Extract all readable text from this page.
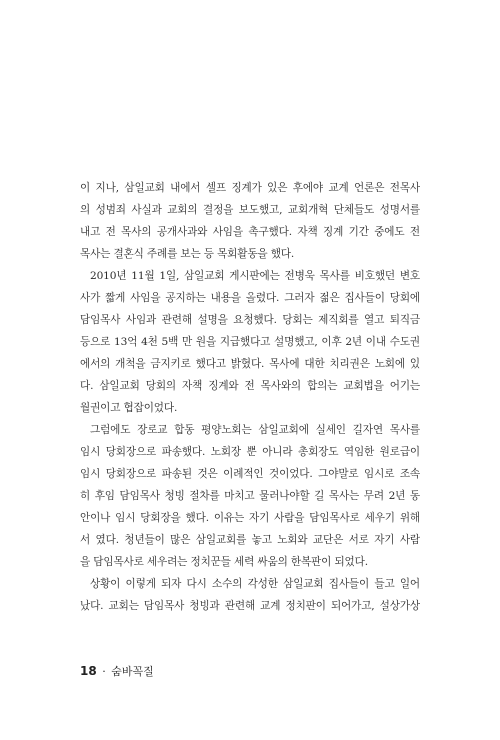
이 지나, 삼일교회 내에서 셀프 징계가 있은 후에야 교계 언론은 전목사
의 성범죄 사실과 교회의 결정을 보도했고, 교회개혁 단체들도 성명서를
내고 전 목사의 공개사과와 사임을 촉구했다. 자책 징계 기간 중에도 전
목사는 결혼식 주례를 보는 등 목회활동을 했다.
2010년 11월 1일, 삼일교회 게시판에는 전병욱 목사를 비호했던 변호
사가 짧게 사임을 공지하는 내용을 올렸다. 그러자 젊은 집사들이 당회에
담임목사 사임과 관련해 설명을 요청했다. 당회는 제직회를 열고 퇴직금
등으로 13억 4천 5백 만 원을 지급했다고 설명했고, 이후 2년 이내 수도권
에서의 개척을 금지키로 했다고 밝혔다. 목사에 대한 치리권은 노회에 있
다. 삼일교회 당회의 자책 징계와 전 목사와의 합의는 교회법을 어기는
월권이고 협잡이었다.
그럼에도 장로교 합동 평양노회는 삼일교회에 실세인 길자연 목사를
임시 당회장으로 파송했다. 노회장 뿐 아니라 총회장도 역임한 원로급이
임시 당회장으로 파송된 것은 이례적인 것이었다. 그야말로 임시로 조속
히 후임 담임목사 청빙 절차를 마치고 물러나야할 길 목사는 무려 2년 동
안이나 임시 당회장을 했다. 이유는 자기 사람을 담임목사로 세우기 위해
서 였다. 청년들이 많은 삼일교회를 놓고 노회와 교단은 서로 자기 사람
을 담임목사로 세우려는 정치꾼들 세력 싸움의 한복판이 되었다.
상황이 이렇게 되자 다시 소수의 각성한 삼일교회 집사들이 들고 일어
났다. 교회는 담임목사 청빙과 관련해 교계 정치판이 되어가고, 설상가상
18 · 숨바꼭질
